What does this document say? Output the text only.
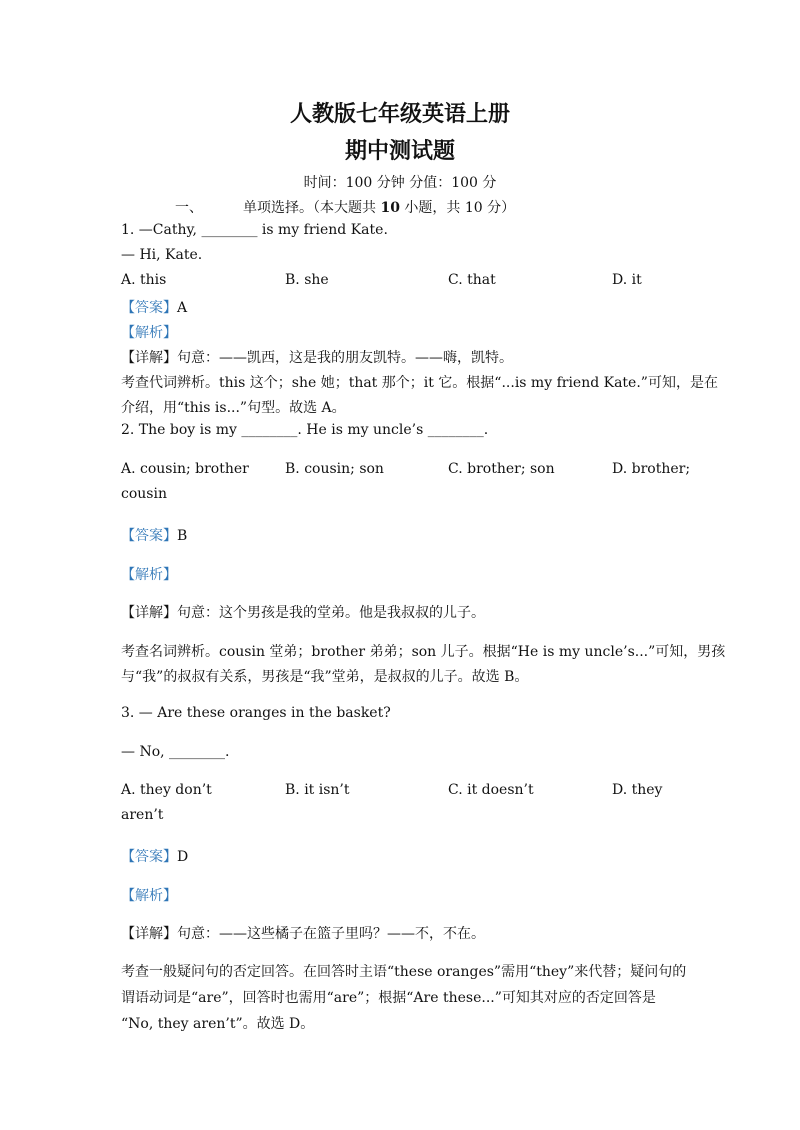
人教版七年级英语上册
期中测试题
时间：100 分钟 分值：100 分
一、	单项选择。（本大题共 10 小题，共 10 分）
1. —Cathy, ________ is my friend Kate.
— Hi, Kate.
A. this	B. she	C. that	D. it
【答案】A
【解析】
【详解】句意：——凯西，这是我的朋友凯特。——嗨，凯特。
考查代词辨析。this 这个；she 她；that 那个；it 它。根据“...is my friend Kate.”可知，是在
介绍，用“this is...”句型。故选 A。
2. The boy is my ________. He is my uncle’s ________.
A. cousin; brother	B. cousin; son	C. brother; son	D. brother;
cousin
【答案】B
【解析】
【详解】句意：这个男孩是我的堂弟。他是我叔叔的儿子。
考查名词辨析。cousin 堂弟；brother 弟弟；son 儿子。根据“He is my uncle’s...”可知，男孩
与“我”的叔叔有关系，男孩是“我”堂弟，是叔叔的儿子。故选 B。
3. — Are these oranges in the basket?
— No, ________.
A. they don’t	B. it isn’t	C. it doesn’t	D. they
aren’t
【答案】D
【解析】
【详解】句意：——这些橘子在篮子里吗？——不，不在。
考查一般疑问句的否定回答。在回答时主语“these oranges”需用“they”来代替；疑问句的
谓语动词是“are”，回答时也需用“are”；根据“Are these...”可知其对应的否定回答是
“No, they aren’t”。故选 D。
